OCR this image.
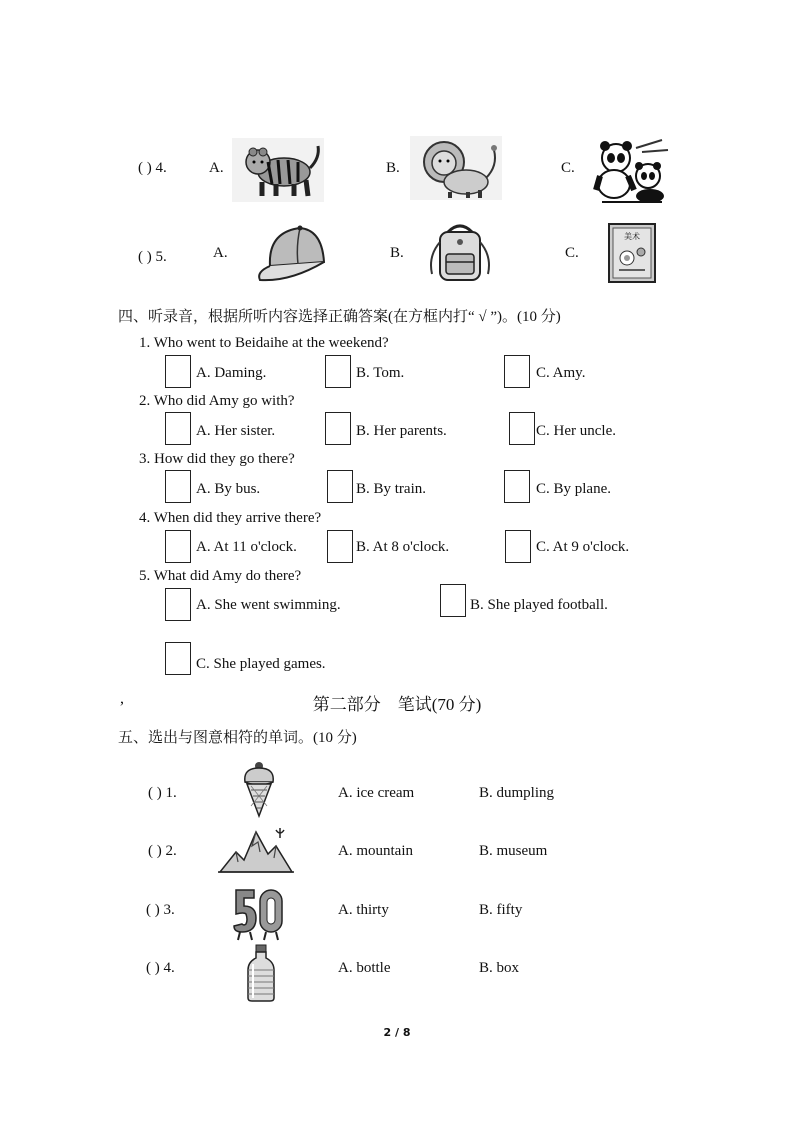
( ) 4.	A.	B.	C.
( ) 5.	A.	B.	C.
美术
四、听录音，根据所听内容选择正确答案(在方框内打“ √ ”)。(10 分)
1. Who went to Beidaihe at the weekend?
A. Daming.	B. Tom.	C. Amy.
2. Who did Amy go with?
A. Her sister.	B. Her parents.	C. Her uncle.
3. How did they go there?
A. By bus.	B. By train.	C. By plane.
4. When did they arrive there?
A. At 11 o'clock.	B. At 8 o'clock.	C. At 9 o'clock.
5. What did Amy do there?
A. She went swimming.	B. She played football.
C. She played games.
,	第二部分　笔试(70 分)
五、选出与图意相符的单词。(10 分)
( ) 1.	A. ice cream	B. dumpling
( ) 2.	A. mountain	B. museum
( ) 3.	A. thirty	B. fifty
( ) 4.	A. bottle	B. box
2 / 8
